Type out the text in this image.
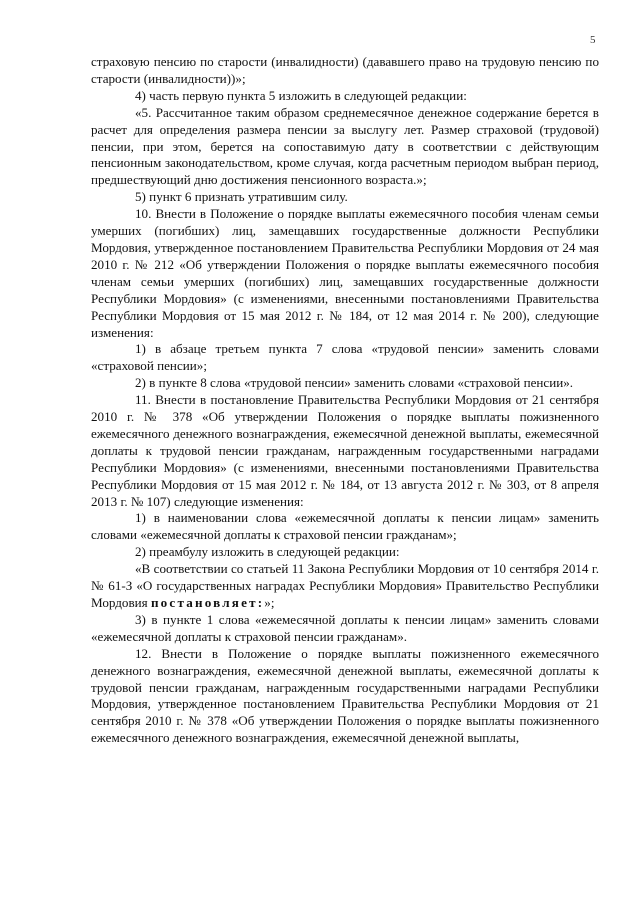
5

страховую пенсию по старости (инвалидности) (дававшего право на трудовую пенсию по старости (инвалидности))»;

4) часть первую пункта 5 изложить в следующей редакции:

«5. Рассчитанное таким образом среднемесячное денежное содержание берется в расчет для определения размера пенсии за выслугу лет. Размер страховой (трудовой) пенсии, при этом, берется на сопоставимую дату в соответствии с действующим пенсионным законодательством, кроме случая, когда расчетным периодом выбран период, предшествующий дню достижения пенсионного возраста.»;

5) пункт 6 признать утратившим силу.

10. Внести в Положение о порядке выплаты ежемесячного пособия членам семьи умерших (погибших) лиц, замещавших государственные должности Республики Мордовия, утвержденное постановлением Правительства Республики Мордовия от 24 мая 2010 г. № 212 «Об утверждении Положения о порядке выплаты ежемесячного пособия членам семьи умерших (погибших) лиц, замещавших государственные должности Республики Мордовия» (с изменениями, внесенными постановлениями Правительства Республики Мордовия от 15 мая 2012 г. № 184, от 12 мая 2014 г. № 200), следующие изменения:

1) в абзаце третьем пункта 7 слова «трудовой пенсии» заменить словами «страховой пенсии»;

2) в пункте 8 слова «трудовой пенсии» заменить словами «страховой пенсии».

11. Внести в постановление Правительства Республики Мордовия от 21 сентября 2010 г. № 378 «Об утверждении Положения о порядке выплаты пожизненного ежемесячного денежного вознаграждения, ежемесячной денежной выплаты, ежемесячной доплаты к трудовой пенсии гражданам, награжденным государственными наградами Республики Мордовия» (с изменениями, внесенными постановлениями Правительства Республики Мордовия от 15 мая 2012 г. № 184, от 13 августа 2012 г. № 303, от 8 апреля 2013 г. № 107) следующие изменения:

1) в наименовании слова «ежемесячной доплаты к пенсии лицам» заменить словами «ежемесячной доплаты к страховой пенсии гражданам»;

2) преамбулу изложить в следующей редакции:

«В соответствии со статьей 11 Закона Республики Мордовия от 10 сентября 2014 г. № 61-З «О государственных наградах Республики Мордовия» Правительство Республики Мордовия постановляет:»;

3) в пункте 1 слова «ежемесячной доплаты к пенсии лицам» заменить словами «ежемесячной доплаты к страховой пенсии гражданам».

12. Внести в Положение о порядке выплаты пожизненного ежемесячного денежного вознаграждения, ежемесячной денежной выплаты, ежемесячной доплаты к трудовой пенсии гражданам, награжденным государственными наградами Республики Мордовия, утвержденное постановлением Правительства Республики Мордовия от 21 сентября 2010 г. № 378 «Об утверждении Положения о порядке выплаты пожизненного ежемесячного денежного вознаграждения, ежемесячной денежной выплаты,
